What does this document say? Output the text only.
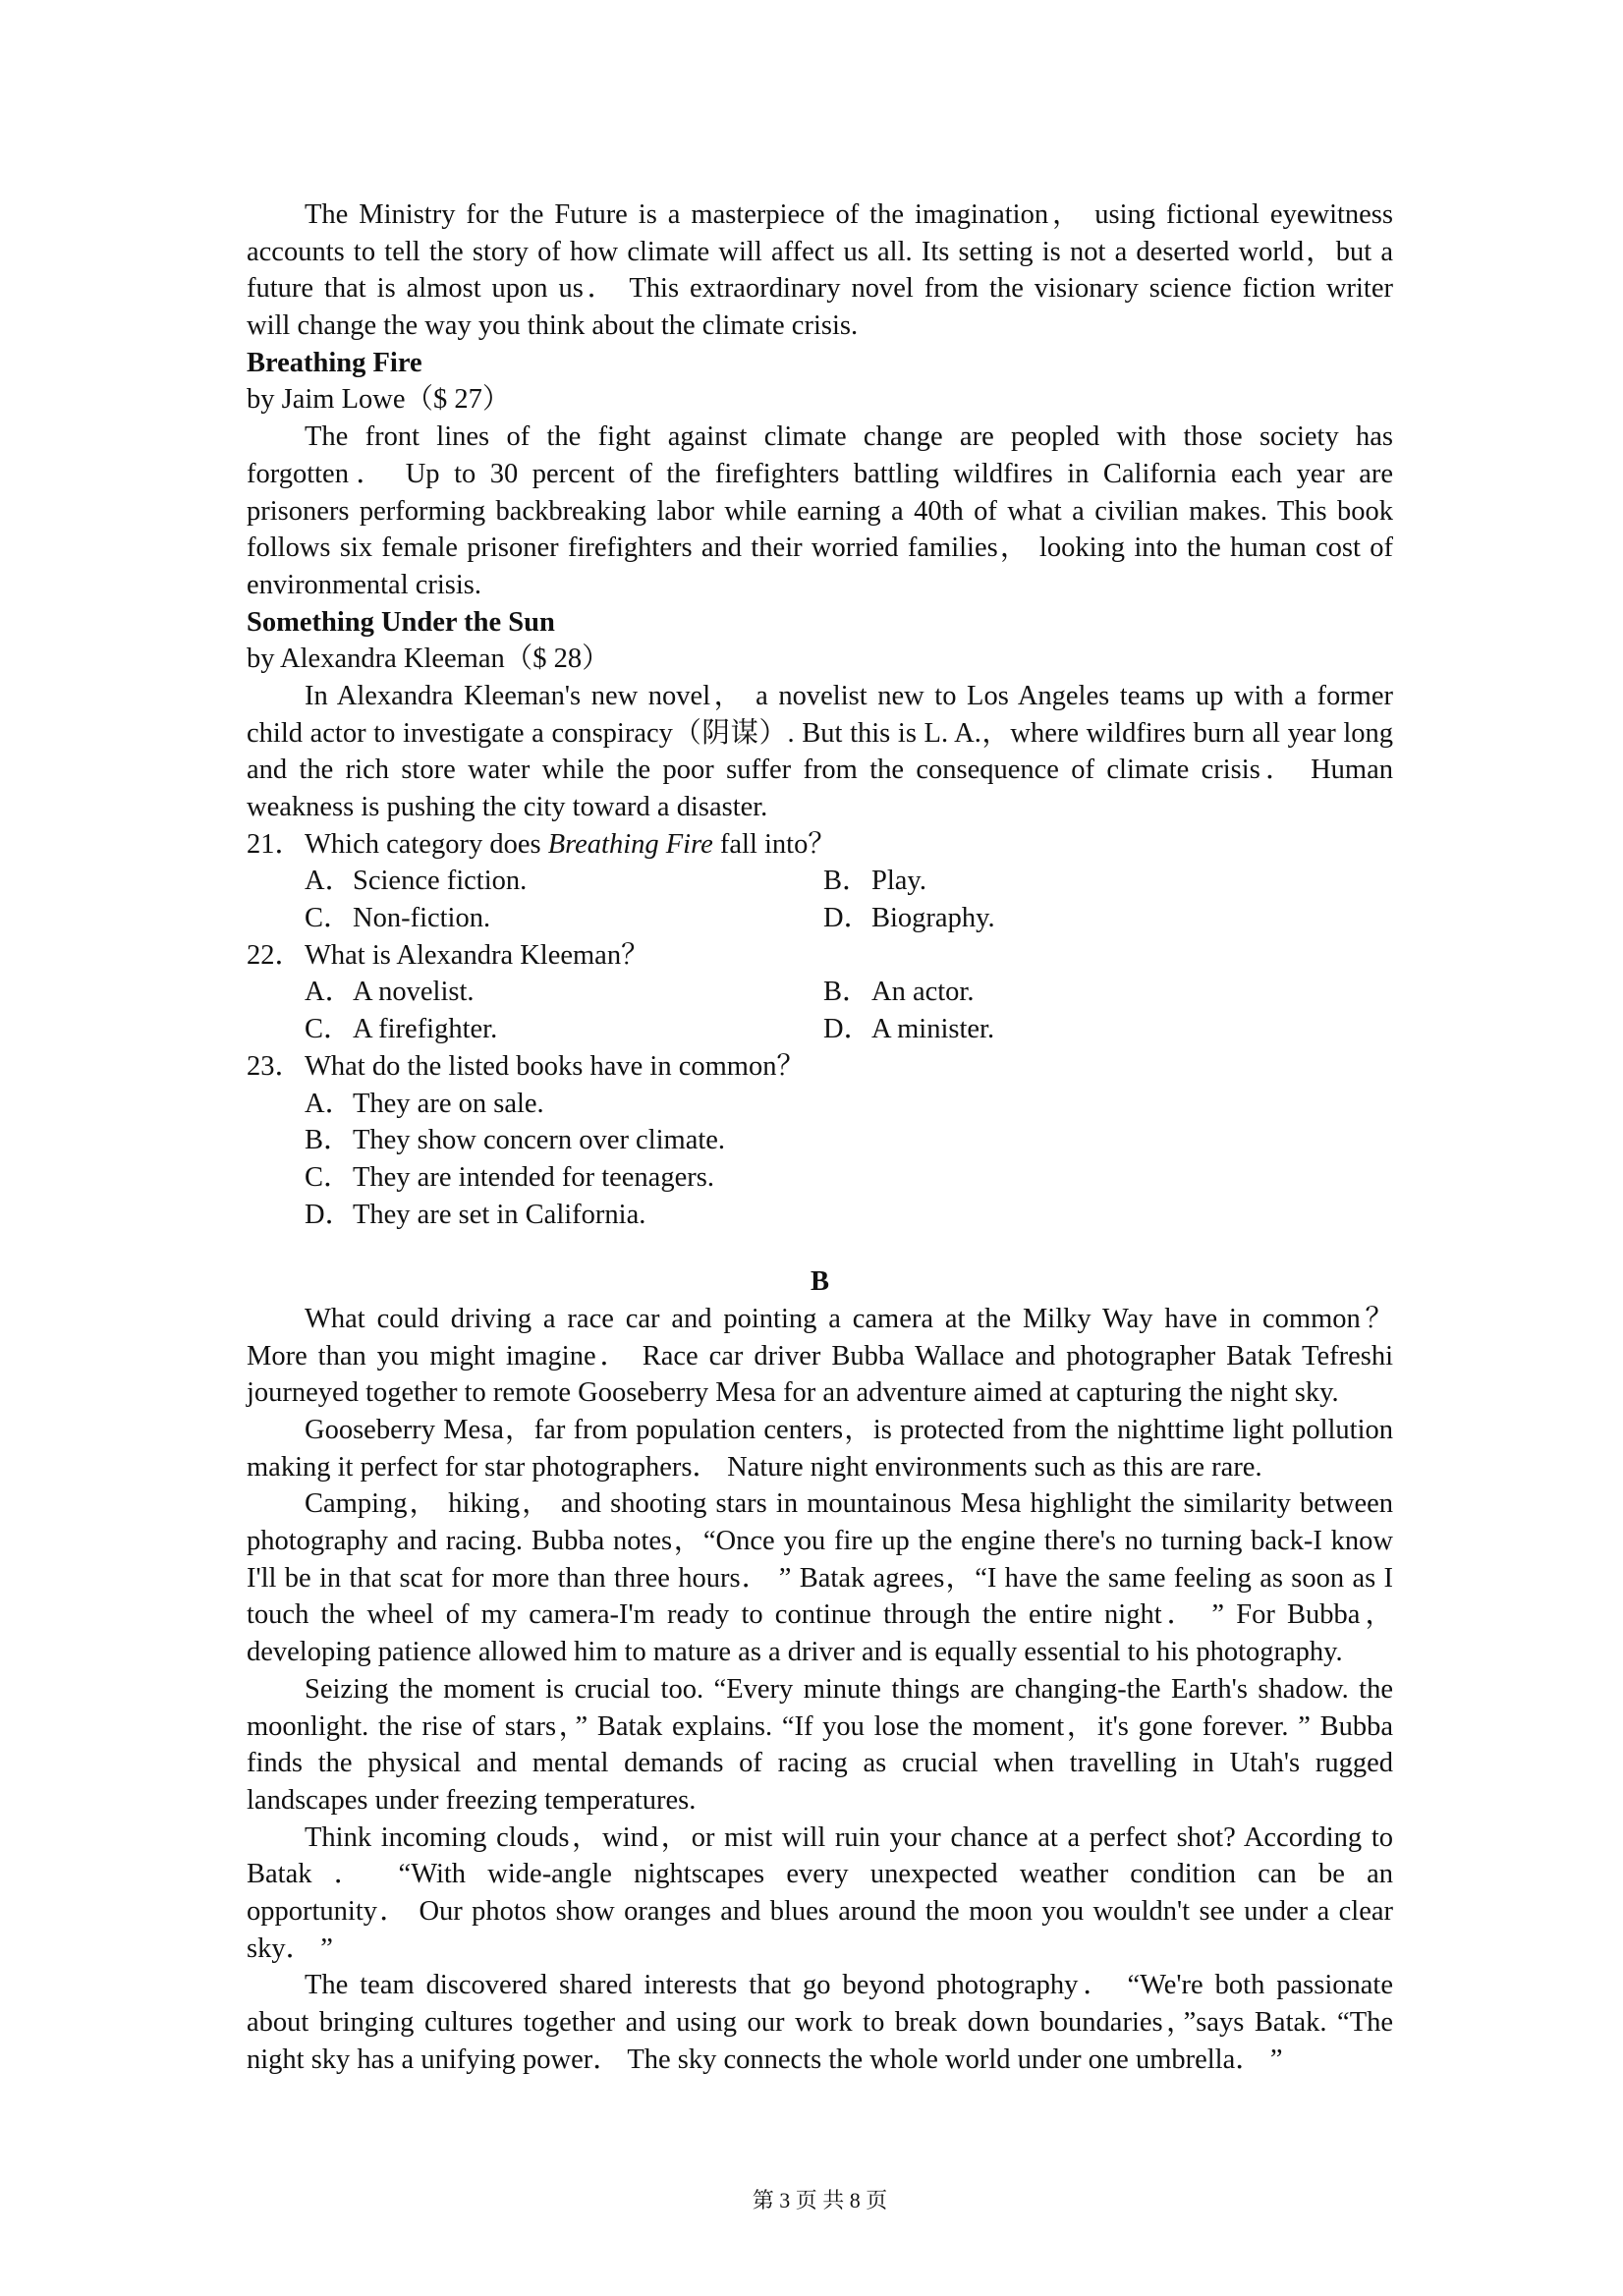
The Ministry for the Future is a masterpiece of the imagination， using fictional eyewitness
accounts to tell the story of how climate will affect us all. Its setting is not a deserted world，but a
future that is almost upon us． This extraordinary novel from the visionary science fiction writer
will change the way you think about the climate crisis.
Breathing Fire
by Jaim Lowe（$ 27）
The front lines of the fight against climate change are peopled with those society has
forgotten． Up to 30 percent of the firefighters battling wildfires in California each year are
prisoners performing backbreaking labor while earning a 40th of what a civilian makes. This book
follows six female prisoner firefighters and their worried families， looking into the human cost of
environmental crisis.
Something Under the Sun
by Alexandra Kleeman（$ 28）
In Alexandra Kleeman's new novel， a novelist new to Los Angeles teams up with a former
child actor to investigate a conspiracy（阴谋）. But this is L. A.，where wildfires burn all year long
and the rich store water while the poor suffer from the consequence of climate crisis． Human
weakness is pushing the city toward a disaster.
21．Which category does Breathing Fire fall into？
A．Science fiction.	B．Play.
C．Non-fiction.	D．Biography.
22．What is Alexandra Kleeman？
A．A novelist.	B．An actor.
C．A firefighter.	D．A minister.
23．What do the listed books have in common？
A．They are on sale.
B．They show concern over climate.
C．They are intended for teenagers.
D．They are set in California.
B
What could driving a race car and pointing a camera at the Milky Way have in common？
More than you might imagine． Race car driver Bubba Wallace and photographer Batak Tefreshi
journeyed together to remote Gooseberry Mesa for an adventure aimed at capturing the night sky.
Gooseberry Mesa，far from population centers，is protected from the nighttime light pollution
making it perfect for star photographers． Nature night environments such as this are rare.
Camping， hiking， and shooting stars in mountainous Mesa highlight the similarity between
photography and racing. Bubba notes，“Once you fire up the engine there's no turning back-I know
I'll be in that scat for more than three hours． ” Batak agrees，“I have the same feeling as soon as I
touch the wheel of my camera-I'm ready to continue through the entire night． ” For Bubba，
developing patience allowed him to mature as a driver and is equally essential to his photography.
Seizing the moment is crucial too. “Every minute things are changing-the Earth's shadow. the
moonlight. the rise of stars，” Batak explains. “If you lose the moment，it's gone forever. ” Bubba
finds the physical and mental demands of racing as crucial when travelling in Utah's rugged
landscapes under freezing temperatures.
Think incoming clouds，wind，or mist will ruin your chance at a perfect shot? According to
Batak ． “With wide-angle nightscapes every unexpected weather condition can be an
opportunity． Our photos show oranges and blues around the moon you wouldn't see under a clear
sky． ”
The team discovered shared interests that go beyond photography． “We're both passionate
about bringing cultures together and using our work to break down boundaries，”says Batak. “The
night sky has a unifying power． The sky connects the whole world under one umbrella． ”
第 3 页 共 8 页
